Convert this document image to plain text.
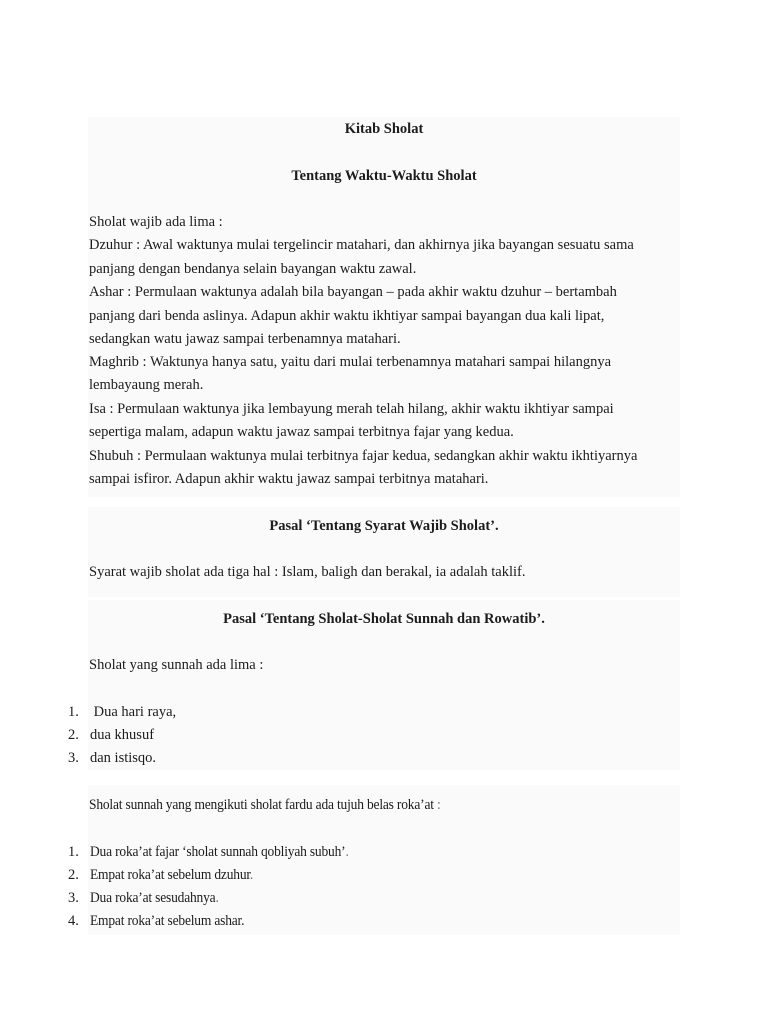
Kitab Sholat
Tentang Waktu-Waktu Sholat
Sholat wajib ada lima :
Dzuhur : Awal waktunya mulai tergelincir matahari, dan akhirnya jika bayangan sesuatu sama
panjang dengan bendanya selain bayangan waktu zawal.
Ashar : Permulaan waktunya adalah bila bayangan – pada akhir waktu dzuhur – bertambah
panjang dari benda aslinya. Adapun akhir waktu ikhtiyar sampai bayangan dua kali lipat,
sedangkan watu jawaz sampai terbenamnya matahari.
Maghrib : Waktunya hanya satu, yaitu dari mulai terbenamnya matahari sampai hilangnya
lembayaung merah.
Isa : Permulaan waktunya jika lembayung merah telah hilang, akhir waktu ikhtiyar sampai
sepertiga malam, adapun waktu jawaz sampai terbitnya fajar yang kedua.
Shubuh : Permulaan waktunya mulai terbitnya fajar kedua, sedangkan akhir waktu ikhtiyarnya
sampai isfiror. Adapun akhir waktu jawaz sampai terbitnya matahari.
Pasal ‘Tentang Syarat Wajib Sholat’.
Syarat wajib sholat ada tiga hal : Islam, baligh dan berakal, ia adalah taklif.
Pasal ‘Tentang Sholat-Sholat Sunnah dan Rowatib’.
Sholat yang sunnah ada lima :
1. Dua hari raya,
2. dua khusuf
3. dan istisqo.
Sholat sunnah yang mengikuti sholat fardu ada tujuh belas roka’at :
1. Dua roka’at fajar ‘sholat sunnah qobliyah subuh’.
2. Empat roka’at sebelum dzuhur.
3. Dua roka’at sesudahnya.
4. Empat roka’at sebelum ashar.
